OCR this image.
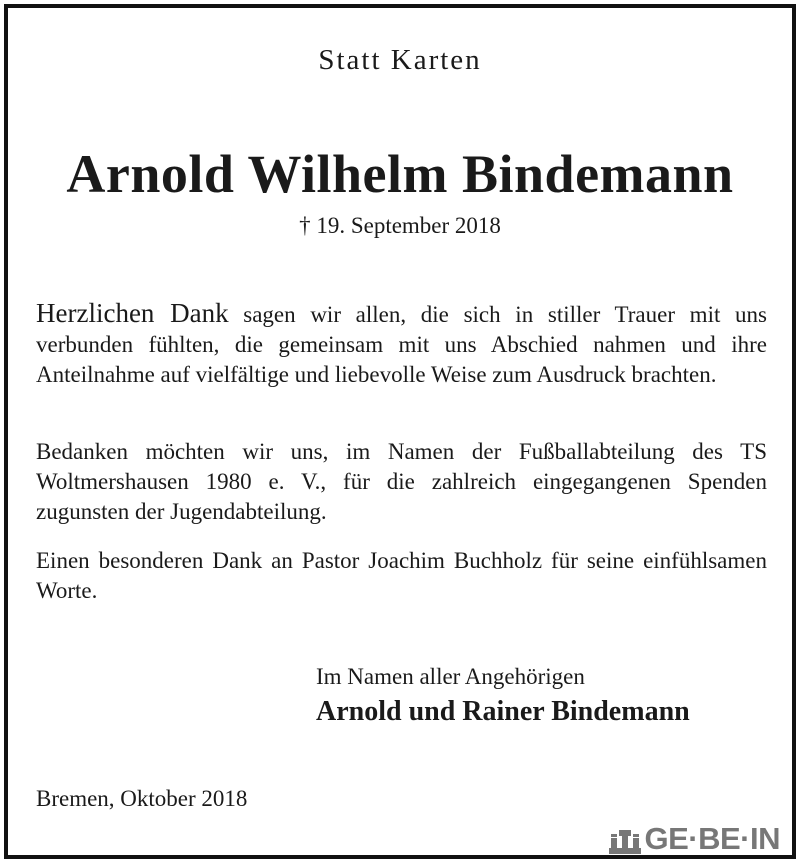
Statt Karten
Arnold Wilhelm Bindemann
† 19. September 2018
Herzlichen Dank sagen wir allen, die sich in stiller Trauer mit uns verbunden fühlten, die gemeinsam mit uns Abschied nahmen und ihre Anteilnahme auf vielfältige und liebevolle Weise zum Ausdruck brachten.
Bedanken möchten wir uns, im Namen der Fußballabteilung des TS Woltmershausen 1980 e. V., für die zahlreich eingegangenen Spenden zugunsten der Jugendabteilung.
Einen besonderen Dank an Pastor Joachim Buchholz für seine einfühlsamen Worte.
Im Namen aller Angehörigen
Arnold und Rainer Bindemann
Bremen, Oktober 2018
GE·BE·IN
